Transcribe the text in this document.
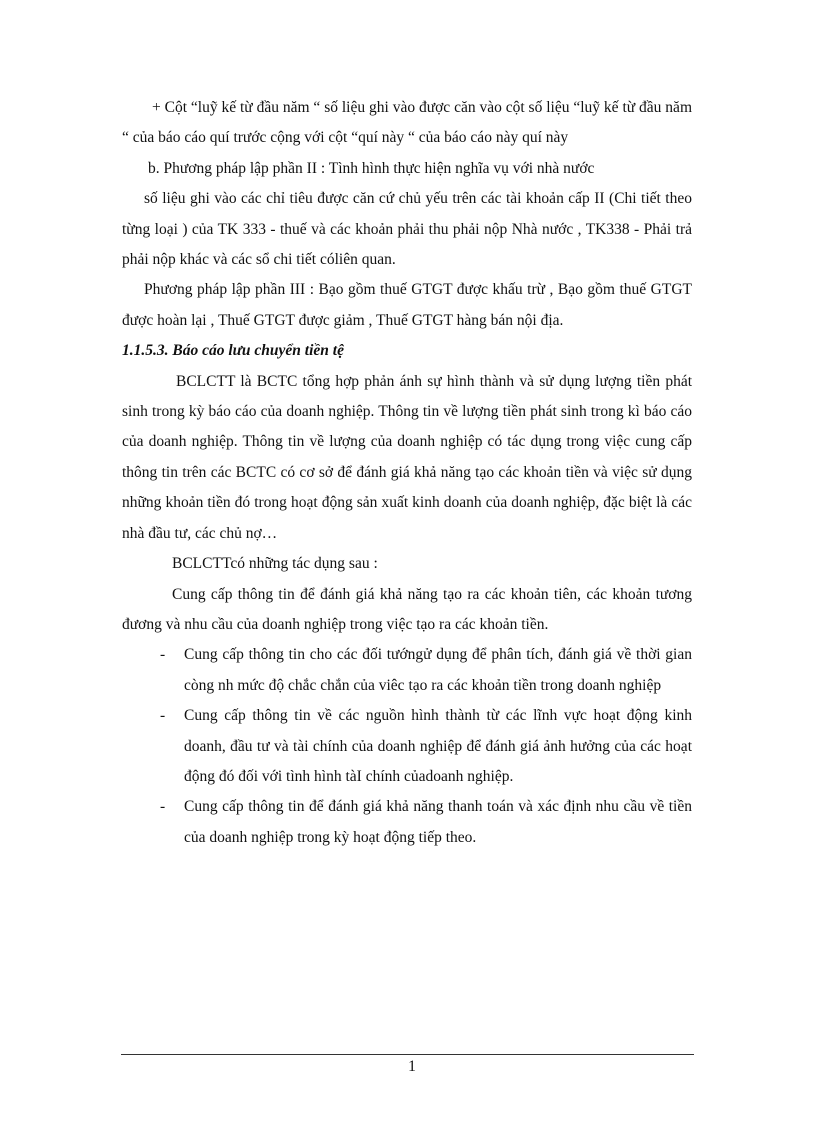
+ Cột “luỹ kế từ đầu năm “ số liệu ghi vào được căn vào cột số liệu “luỹ kế từ đầu năm “ của báo cáo quí trước cộng với cột “quí này “ của báo cáo này quí này

b. Phương pháp lập phần II : Tình hình thực hiện nghĩa vụ với nhà nước

số liệu ghi vào các chỉ tiêu được căn cứ chủ yếu trên các tài khoản cấp II (Chi tiết theo từng loại ) của TK 333 - thuế và các khoản phải thu phải nộp Nhà nước , TK338 - Phải trả phải nộp khác và các sổ chi tiết cóliên quan.

Phương pháp lập phần III : Bạo gồm thuế GTGT được khấu trừ , Bạo gồm thuế GTGT được hoàn lại , Thuế GTGT được giảm , Thuế GTGT hàng bán nội địa.

1.1.5.3. Báo cáo lưu chuyển tiền tệ

BCLCTT là BCTC tổng hợp phản ánh sự hình thành và sử dụng lượng tiền phát sinh trong kỳ báo cáo của doanh nghiệp. Thông tin về lượng tiền phát sinh trong kì báo cáo của doanh nghiệp. Thông tin về lượng của doanh nghiệp có tác dụng trong việc cung cấp thông tin trên các BCTC có cơ sở để đánh giá khả năng tạo các khoản tiền và việc sử dụng những khoản tiền đó trong hoạt động sản xuất kinh doanh của doanh nghiệp, đặc biệt là các nhà đầu tư, các chủ nợ…

BCLCTTcó những tác dụng sau :

Cung cấp thông tin để đánh giá khả năng tạo ra các khoản tiên, các khoản tương đương và nhu cầu của doanh nghiệp trong việc tạo ra các khoản tiền.

- Cung cấp thông tin cho các đối tướngử dụng để phân tích, đánh giá về thời gian còng nh mức độ chắc chắn của viêc tạo ra các khoản tiền trong doanh nghiệp
- Cung cấp thông tin về các nguồn hình thành từ các lĩnh vực hoạt động kinh doanh, đầu tư và tài chính của doanh nghiệp để đánh giá ảnh hưởng của các hoạt động đó đối với tình hình tàI chính củadoanh nghiệp.
- Cung cấp thông tin để đánh giá khả năng thanh toán và xác định nhu cầu về tiền của doanh nghiệp trong kỳ hoạt động tiếp theo.
1
